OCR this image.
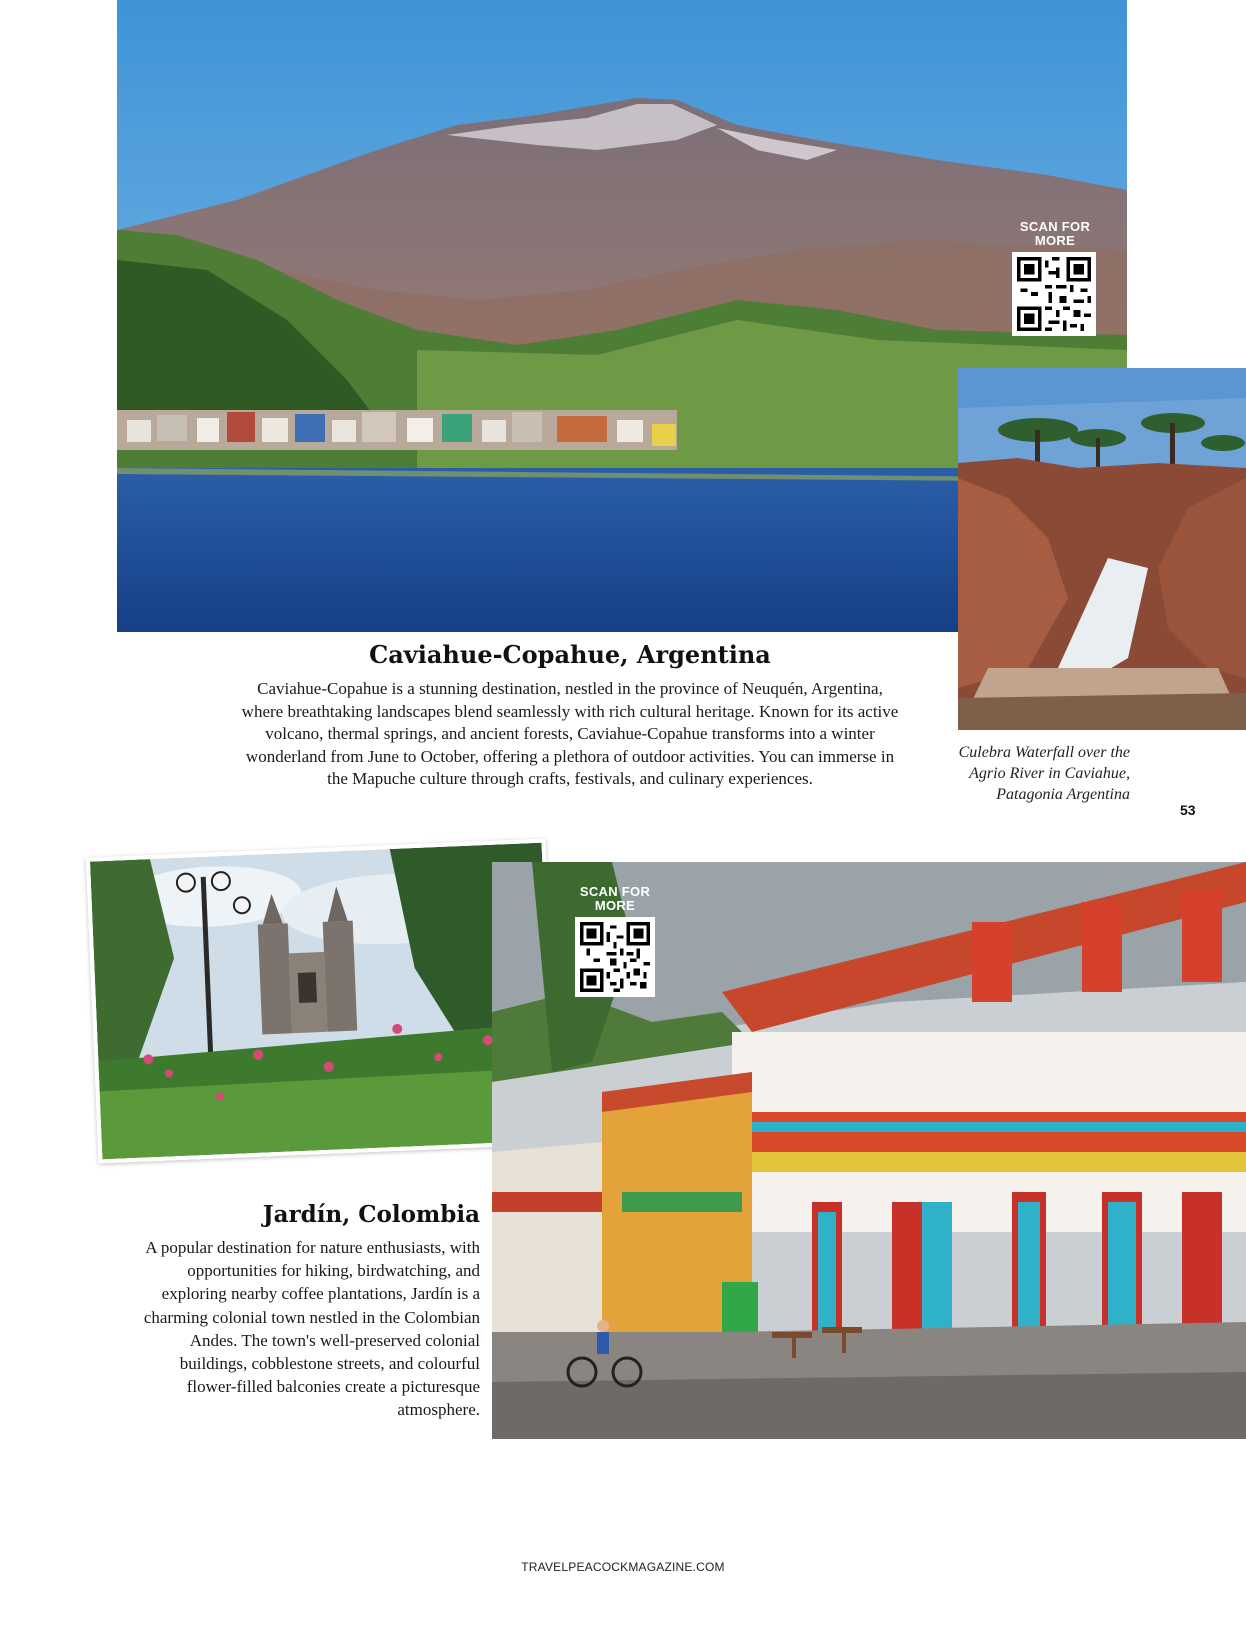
SCAN FOR MORE
Caviahue-Copahue, Argentina

Caviahue-Copahue is a stunning destination, nestled in the province of Neuquén, Argentina, where breathtaking landscapes blend seamlessly with rich cultural heritage. Known for its active volcano, thermal springs, and ancient forests, Caviahue-Copahue transforms into a winter wonderland from June to October, offering a plethora of outdoor activities. You can immerse in the Mapuche culture through crafts, festivals, and culinary experiences.

Culebra Waterfall over the Agrio River in Caviahue, Patagonia Argentina
53
SCAN FOR MORE
Jardín, Colombia

A popular destination for nature enthusiasts, with opportunities for hiking, birdwatching, and exploring nearby coffee plantations, Jardín is a charming colonial town nestled in the Colombian Andes. The town's well-preserved colonial buildings, cobblestone streets, and colourful flower-filled balconies create a picturesque atmosphere.

TRAVELPEACOCKMAGAZINE.COM
